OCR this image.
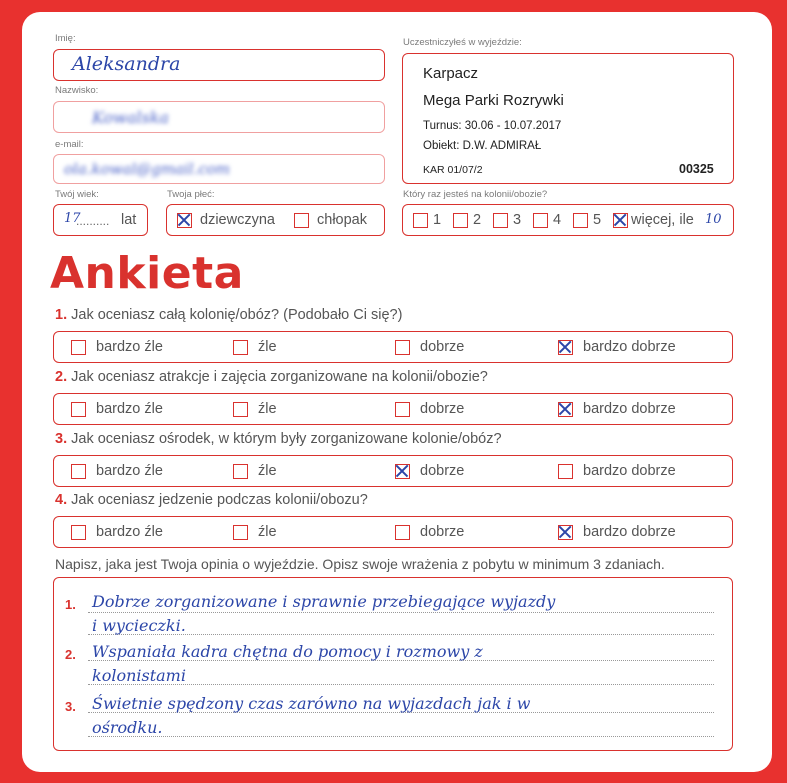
Imię:
Aleksandra
Nazwisko:
Kowalska
e-mail:
ola.kowal@gmail.com
Twój wiek:
17
.......... lat
Twoja płeć:
dziewczyna	chłopak
Uczestniczyłeś w wyjeździe:
Karpacz
Mega Parki Rozrywki
Turnus: 30.06 - 10.07.2017
Obiekt: D.W. ADMIRAŁ
KAR 01/07/2	00325
Który raz jesteś na kolonii/obozie?
1 2 3 4 5 więcej, ile 10
Ankieta
1. Jak oceniasz całą kolonię/obóz? (Podobało Ci się?)
bardzo źle	źle	dobrze	bardzo dobrze
2. Jak oceniasz atrakcje i zajęcia zorganizowane na kolonii/obozie?
bardzo źle	źle	dobrze	bardzo dobrze
3. Jak oceniasz ośrodek, w którym były zorganizowane kolonie/obóz?
bardzo źle	źle	dobrze	bardzo dobrze
4. Jak oceniasz jedzenie podczas kolonii/obozu?
bardzo źle	źle	dobrze	bardzo dobrze
Napisz, jaka jest Twoja opinia o wyjeździe. Opisz swoje wrażenia z pobytu w minimum 3 zdaniach.
1.
2.
3.
Dobrze zorganizowane i sprawnie przebiegające wyjazdy
i wycieczki.
Wspaniała kadra chętna do pomocy i rozmowy z
kolonistami
Świetnie spędzony czas zarówno na wyjazdach jak i w
ośrodku.
